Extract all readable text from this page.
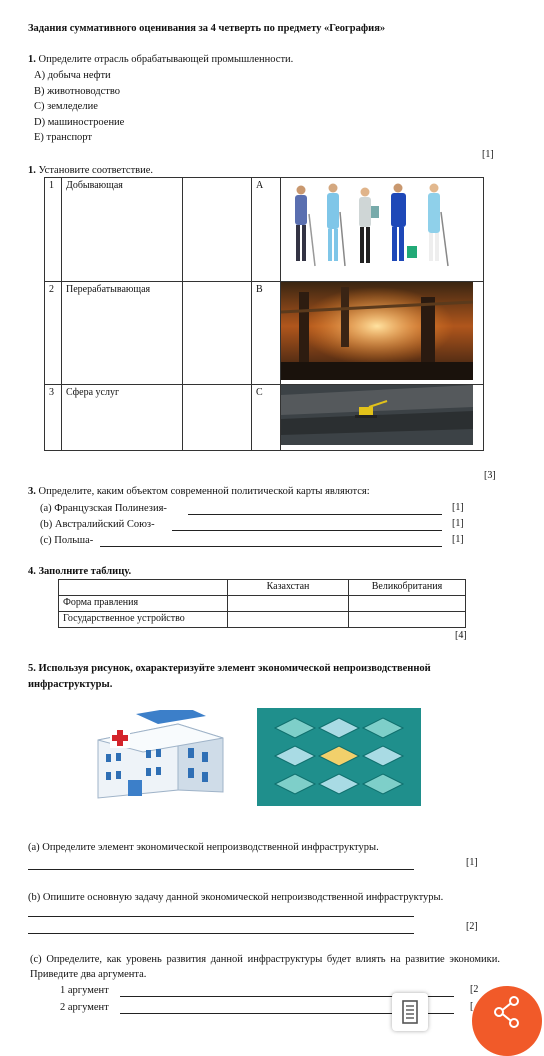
Задания суммативного оценивания за 4 четверть по предмету «География»
1. Определите отрасль обрабатывающей промышленности.
A) добыча нефти
B) животноводство
C) земледелие
D) машиностроение
E) транспорт
[1]
1. Установите соответствие.
1	Добывающая		A	
2	Перерабатывающая		B	
3	Сфера услуг		C	
[3]
3. Определите, каким объектом современной политической карты являются:
(a) Французская Полинезия-	[1]
(b) Австралийский Союз-	[1]
(c) Польша-	[1]
4. Заполните таблицу.
	Казахстан	Великобритания
Форма правления		
Государственное устройство		
[4]
5. Используя рисунок, охарактеризуйте элемент экономической непроизводственной инфраструктуры.
(a) Определите элемент экономической непроизводственной инфраструктуры.
[1]
(b) Опишите основную задачу данной экономической непроизводственной инфраструктуры.
[2]
(c) Определите, как уровень развития данной инфраструктуры будет влиять на развитие экономики. Приведите два аргумента.
1 аргумент	[2
2 аргумент	[
